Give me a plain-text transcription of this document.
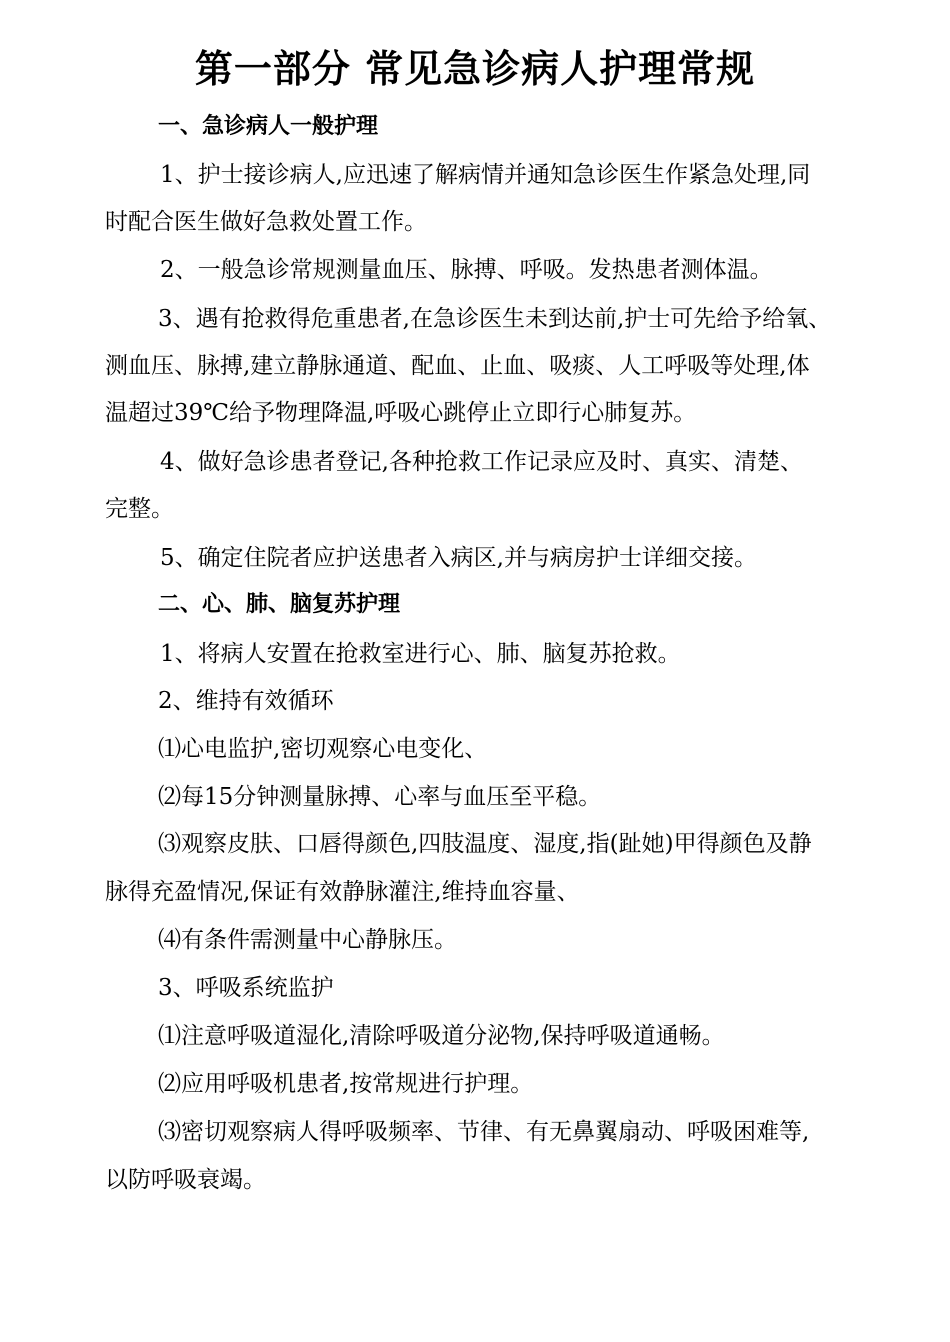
第一部分 常见急诊病人护理常规
一、急诊病人一般护理
1、护士接诊病人,应迅速了解病情并通知急诊医生作紧急处理,同
时配合医生做好急救处置工作。
2、一般急诊常规测量血压、脉搏、呼吸。发热患者测体温。
3、遇有抢救得危重患者,在急诊医生未到达前,护士可先给予给氧、
测血压、脉搏,建立静脉通道、配血、止血、吸痰、人工呼吸等处理,体
温超过39℃给予物理降温,呼吸心跳停止立即行心肺复苏。
4、做好急诊患者登记,各种抢救工作记录应及时、真实、清楚、
完整。
5、确定住院者应护送患者入病区,并与病房护士详细交接。
二、心、肺、脑复苏护理
1、将病人安置在抢救室进行心、肺、脑复苏抢救。
2、维持有效循环
⑴心电监护,密切观察心电变化、
⑵每15分钟测量脉搏、心率与血压至平稳。
⑶观察皮肤、口唇得颜色,四肢温度、湿度,指(趾她)甲得颜色及静
脉得充盈情况,保证有效静脉灌注,维持血容量、
⑷有条件需测量中心静脉压。
3、呼吸系统监护
⑴注意呼吸道湿化,清除呼吸道分泌物,保持呼吸道通畅。
⑵应用呼吸机患者,按常规进行护理。
⑶密切观察病人得呼吸频率、节律、有无鼻翼扇动、呼吸困难等,
以防呼吸衰竭。
